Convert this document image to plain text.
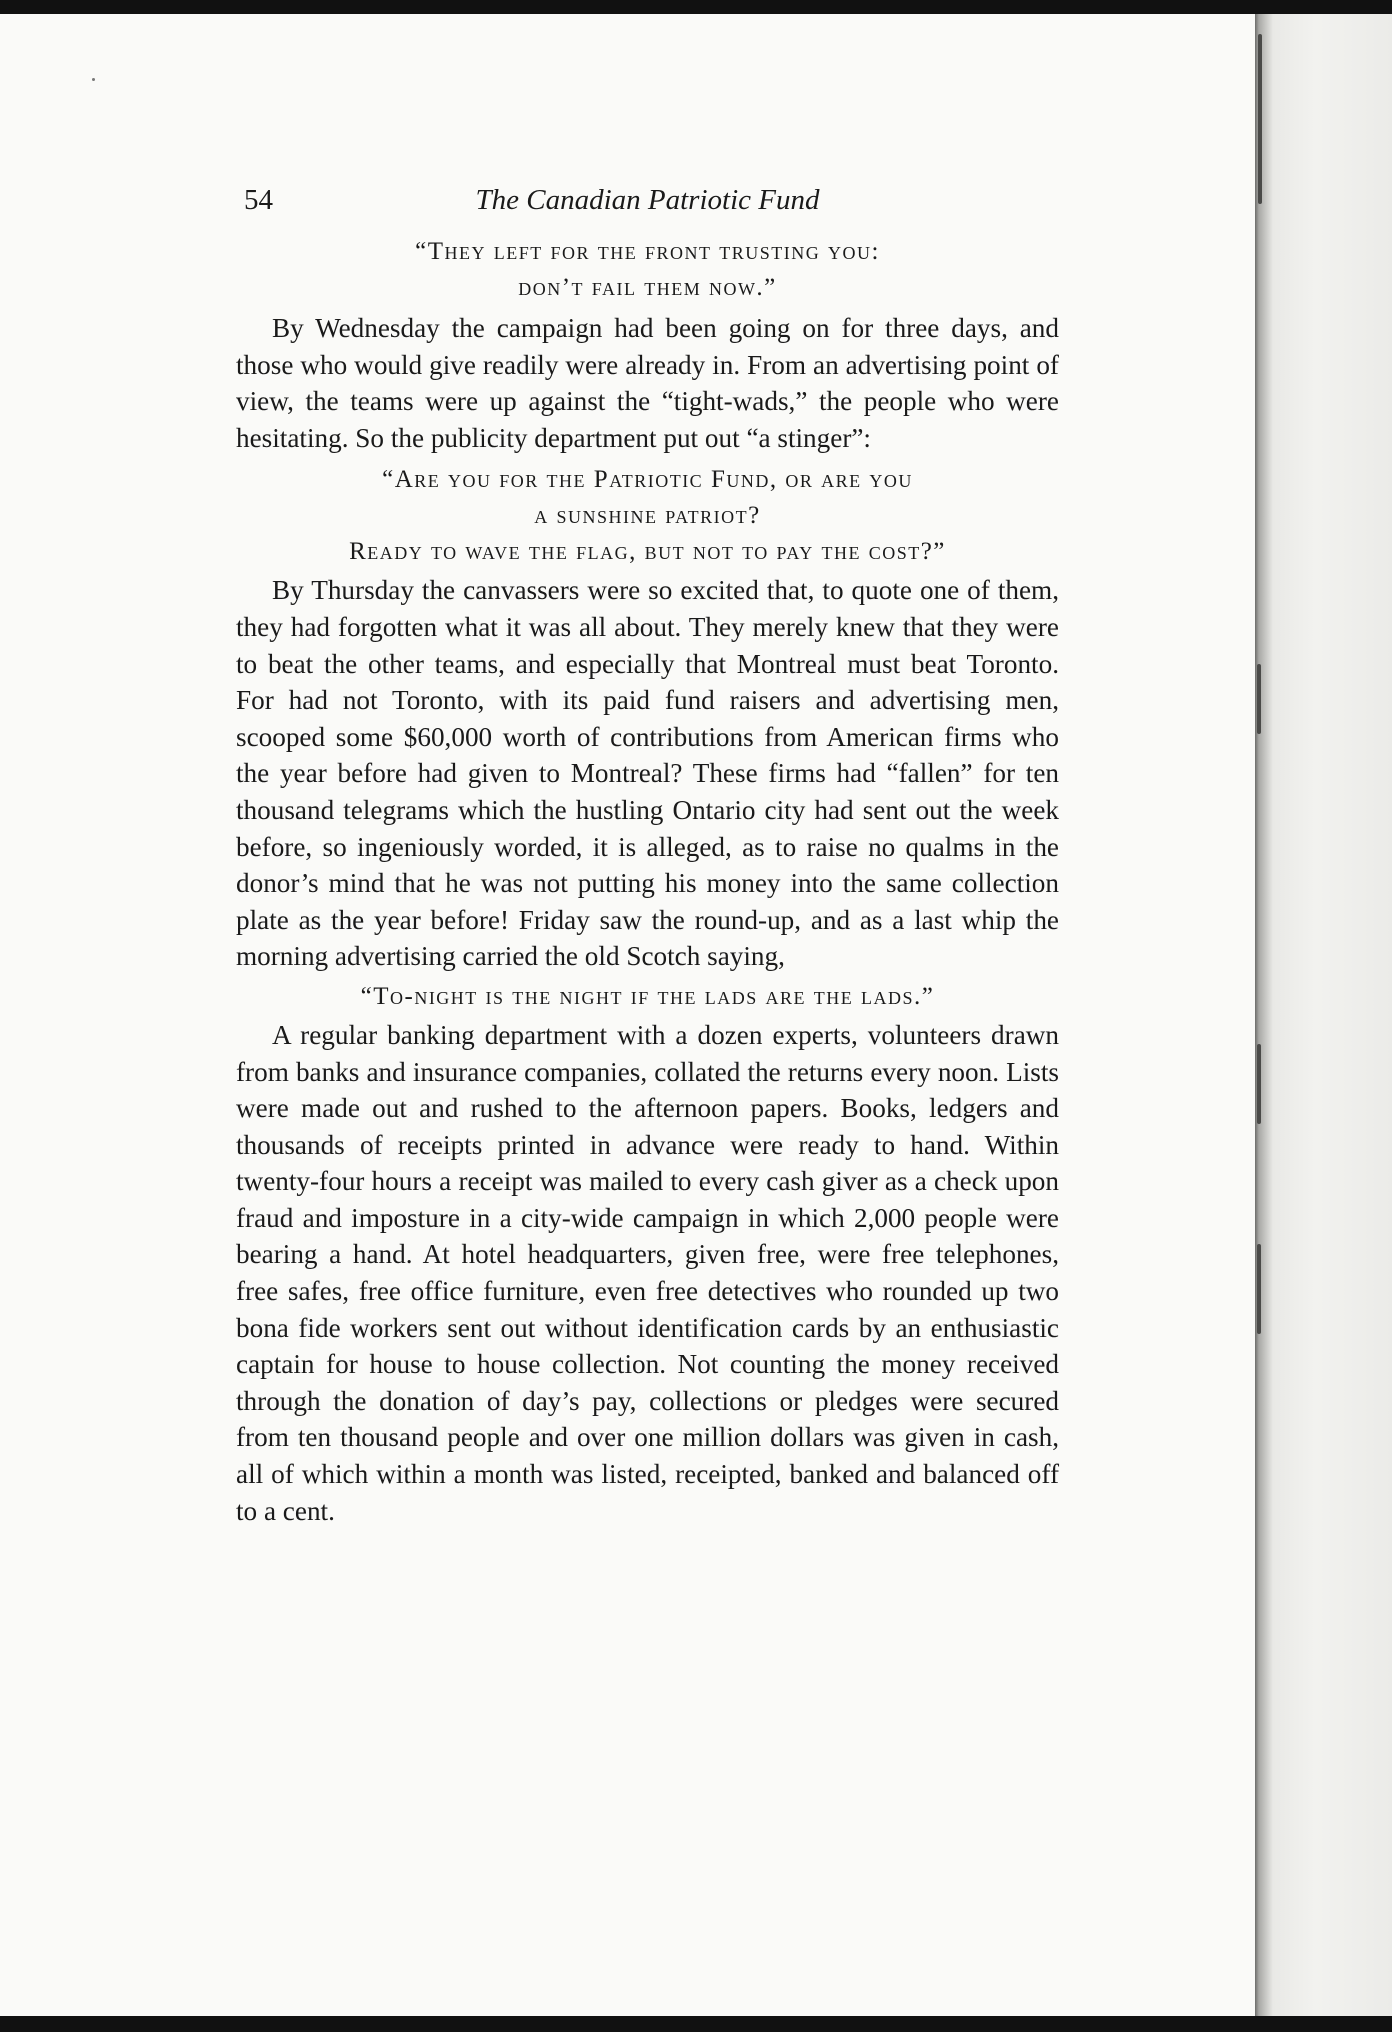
54	The Canadian Patriotic Fund
“They left for the front trusting you:
don’t fail them now.”

By Wednesday the campaign had been going on for three days, and those who would give readily were already in. From an advertising point of view, the teams were up against the “tight-wads,” the people who were hesitating. So the publicity department put out “a stinger”:

“Are you for the Patriotic Fund, or are you
a sunshine patriot?
Ready to wave the flag, but not to pay the cost?”

By Thursday the canvassers were so excited that, to quote one of them, they had forgotten what it was all about. They merely knew that they were to beat the other teams, and especially that Montreal must beat Toronto. For had not Toronto, with its paid fund raisers and advertising men, scooped some $60,000 worth of contributions from American firms who the year before had given to Montreal? These firms had “fallen” for ten thousand telegrams which the hustling Ontario city had sent out the week before, so ingeniously worded, it is alleged, as to raise no qualms in the donor’s mind that he was not putting his money into the same collection plate as the year before! Friday saw the round-up, and as a last whip the morning advertising carried the old Scotch saying,

“To-night is the night if the lads are the lads.”

A regular banking department with a dozen experts, volunteers drawn from banks and insurance companies, collated the returns every noon. Lists were made out and rushed to the afternoon papers. Books, ledgers and thousands of receipts printed in advance were ready to hand. Within twenty-four hours a receipt was mailed to every cash giver as a check upon fraud and imposture in a city-wide campaign in which 2,000 people were bearing a hand. At hotel headquarters, given free, were free telephones, free safes, free office furniture, even free detectives who rounded up two bona fide workers sent out without identification cards by an enthusiastic captain for house to house collection. Not counting the money received through the donation of day’s pay, collections or pledges were secured from ten thousand people and over one million dollars was given in cash, all of which within a month was listed, receipted, banked and balanced off to a cent.
